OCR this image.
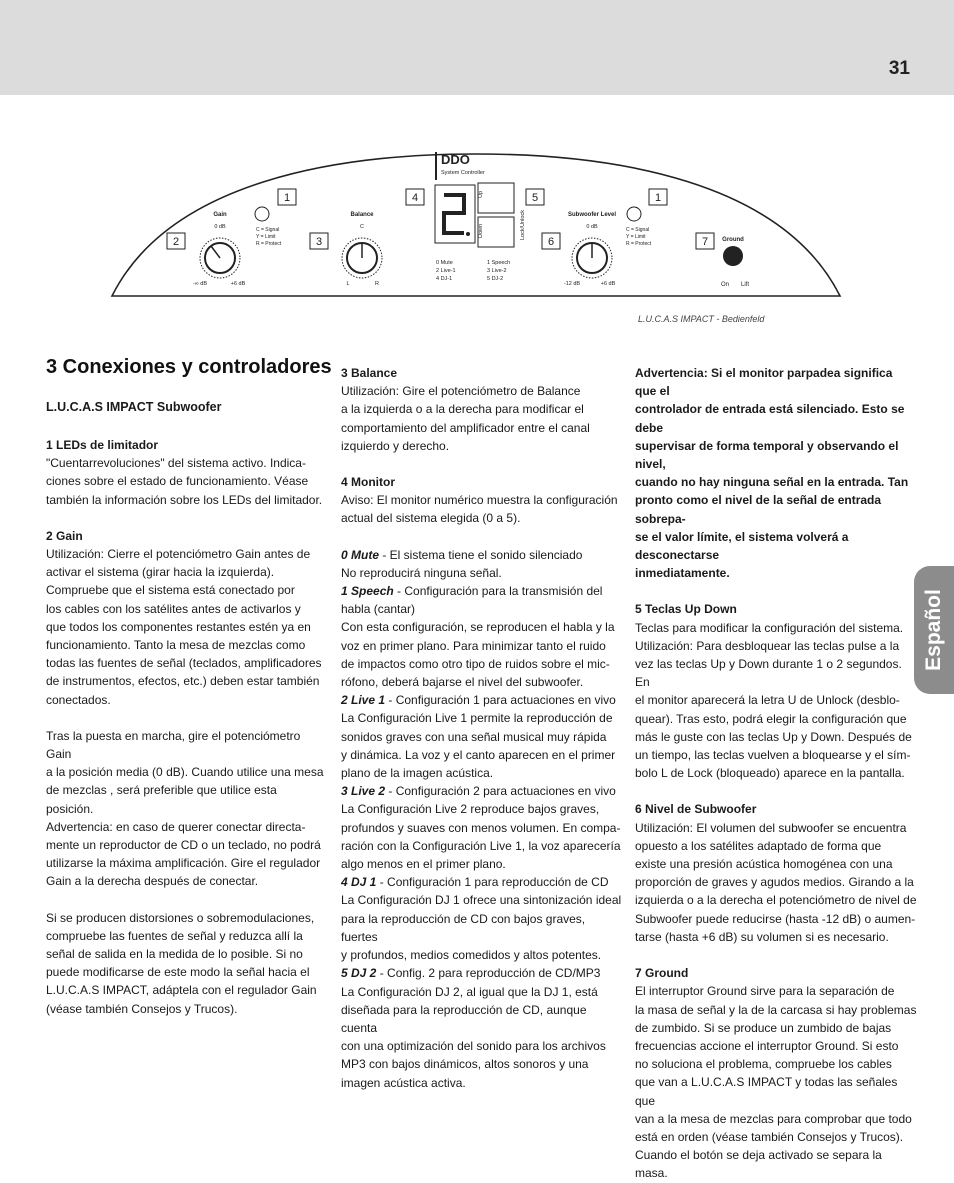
31
Español
1
2	3
4	5
6
1
7
Gain
0 dB
-∞ dB	+6 dB
C = Signal
Y = Limit
R = Protect
Balance
C
L	R
DDO
System Controller
Up
Down	Lock/Unlock
0 Mute
2 Live-1
4 DJ-1
1 Speech
3 Live-2
5 DJ-2
Subwoofer Level
0 dB
-12 dB	+6 dB
C = Signal
Y = Limit
R = Protect
Ground
On Lift
L.U.C.A.S IMPACT - Bedienfeld
3 Conexiones y controladores
L.U.C.A.S IMPACT Subwoofer

1 LEDs de limitador

"Cuentarrevoluciones" del sistema activo. Indica-

ciones sobre el estado de funcionamiento. Véase

también la información sobre los LEDs del limitador.

2 Gain

Utilización: Cierre el potenciómetro Gain antes de

activar el sistema (girar hacia la izquierda).

Compruebe que el sistema está conectado por

los cables con los satélites antes de activarlos y

que todos los componentes restantes estén ya en

funcionamiento. Tanto la mesa de mezclas como

todas las fuentes de señal (teclados, amplificadores

de instrumentos, efectos, etc.) deben estar también

conectados.

Tras la puesta en marcha, gire el potenciómetro Gain

a la posición media (0 dB). Cuando utilice una mesa

de mezclas , será preferible que utilice esta posición.

Advertencia: en caso de querer conectar directa-

mente un reproductor de CD o un teclado, no podrá

utilizarse la máxima amplificación. Gire el regulador

Gain a la derecha después de conectar.

Si se producen distorsiones o sobremodulaciones,

compruebe las fuentes de señal y reduzca allí la

señal de salida en la medida de lo posible. Si no

puede modificarse de este modo la señal hacia el

L.U.C.A.S IMPACT, adáptela con el regulador Gain

(véase también Consejos y Trucos).

3 Balance

Utilización: Gire el potenciómetro de Balance

a la izquierda o a la derecha para modificar el

comportamiento del amplificador entre el canal

izquierdo y derecho.

4 Monitor

Aviso: El monitor numérico muestra la configuración

actual del sistema elegida (0 a 5).

0 Mute - El sistema tiene el sonido silenciado

No reproducirá ninguna señal.

1 Speech - Configuración para la transmisión del

habla (cantar)

Con esta configuración, se reproducen el habla y la

voz en primer plano. Para minimizar tanto el ruido

de impactos como otro tipo de ruidos sobre el mic-

rófono, deberá bajarse el nivel del subwoofer.

2 Live 1 - Configuración 1 para actuaciones en vivo

La Configuración Live 1 permite la reproducción de

sonidos graves con una señal musical muy rápida

y dinámica. La voz y el canto aparecen en el primer

plano de la imagen acústica.

3 Live 2 - Configuración 2 para actuaciones en vivo

La Configuración Live 2 reproduce bajos graves,

profundos y suaves con menos volumen. En compa-

ración con la Configuración Live 1, la voz aparecería

algo menos en el primer plano.

4 DJ 1 - Configuración 1 para reproducción de CD

La Configuración DJ 1 ofrece una sintonización ideal

para la reproducción de CD con bajos graves, fuertes

y profundos, medios comedidos y altos potentes.

5 DJ 2 - Config. 2 para reproducción de CD/MP3

La Configuración DJ 2, al igual que la DJ 1, está

diseñada para la reproducción de CD, aunque cuenta

con una optimización del sonido para los archivos

MP3 con bajos dinámicos, altos sonoros y una

imagen acústica activa.

Advertencia: Si el monitor parpadea significa que el

controlador de entrada está silenciado. Esto se debe

supervisar de forma temporal y observando el nivel,

cuando no hay ninguna señal en la entrada. Tan

pronto como el nivel de la señal de entrada sobrepa-

se el valor límite, el sistema volverá a desconectarse

inmediatamente.

5 Teclas Up Down

Teclas para modificar la configuración del sistema.

Utilización: Para desbloquear las teclas pulse a la

vez las teclas Up y Down durante 1 o 2 segundos. En

el monitor aparecerá la letra U de Unlock (desblo-

quear). Tras esto, podrá elegir la configuración que

más le guste con las teclas Up y Down. Después de

un tiempo, las teclas vuelven a bloquearse y el sím-

bolo L de Lock (bloqueado) aparece en la pantalla.

6 Nivel de Subwoofer

Utilización: El volumen del subwoofer se encuentra

opuesto a los satélites adaptado de forma que

existe una presión acústica homogénea con una

proporción de graves y agudos medios. Girando a la

izquierda o a la derecha el potenciómetro de nivel de

Subwoofer puede reducirse (hasta -12 dB) o aumen-

tarse (hasta +6 dB) su volumen si es necesario.

7 Ground

El interruptor Ground sirve para la separación de

la masa de señal y la de la carcasa si hay problemas

de zumbido. Si se produce un zumbido de bajas

frecuencias accione el interruptor Ground. Si esto

no soluciona el problema, compruebe los cables

que van a L.U.C.A.S IMPACT y todas las señales que

van a la mesa de mezclas para comprobar que todo

está en orden (véase también Consejos y Trucos).

Cuando el botón se deja activado se separa la masa.
